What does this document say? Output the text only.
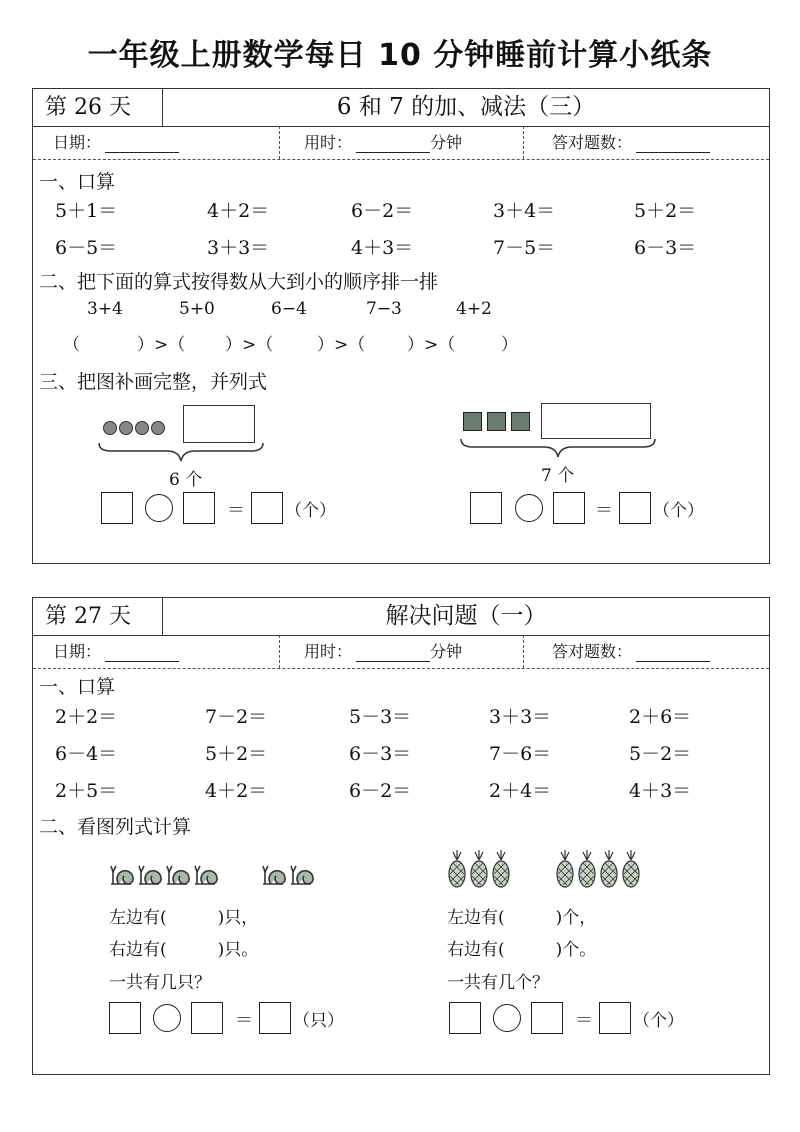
一年级上册数学每日 10 分钟睡前计算小纸条
第 26 天	6 和 7 的加、减法（三）
日期：	用时：	分钟	答对题数：
一、口算
5＋1＝	4＋2＝	6－2＝	3＋4＝	5＋2＝
6－5＝	3＋3＝	4＋3＝	7－5＝	6－3＝
二、把下面的算式按得数从大到小的顺序排一排
3+4	5+0	6−4	7−3	4+2
（	）>（ ）>（	）>（ ）>（	）
三、把图补画完整，并列式
6 个	7 个
＝ （个）	＝ （个）
第 27 天	解决问题（一）
日期：	用时：	分钟	答对题数：
一、口算
2＋2＝	7－2＝	5－3＝	3＋3＝	2＋6＝
6－4＝	5＋2＝	6－3＝	7－6＝	5－2＝
2＋5＝	4＋2＝	6－2＝	2＋4＝	4＋3＝
二、看图列式计算
左边有(　　　)只，
右边有(　　　)只。
一共有几只？
＝ （只）
左边有(　　　)个，
右边有(　　　)个。
一共有几个？
＝ （个）
